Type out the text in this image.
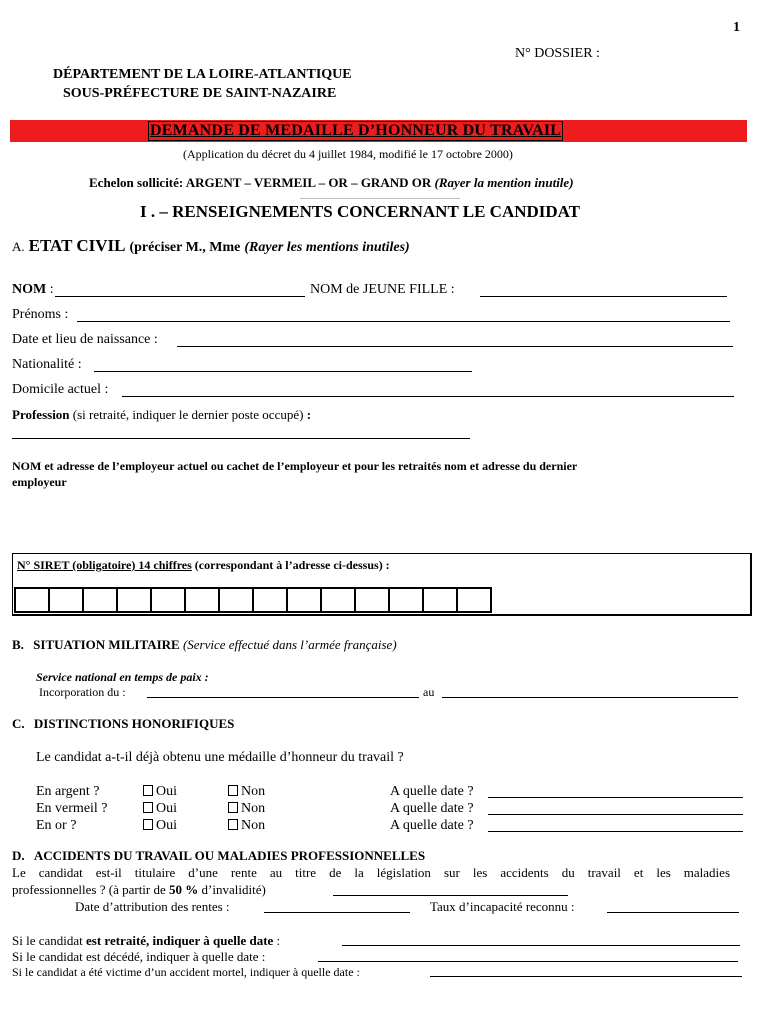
1
N° DOSSIER :
DÉPARTEMENT DE LA LOIRE-ATLANTIQUE
SOUS-PRÉFECTURE DE SAINT-NAZAIRE
DEMANDE DE MEDAILLE D’HONNEUR DU TRAVAIL
(Application du décret du 4 juillet 1984, modifié le 17 octobre 2000)
Echelon sollicité: ARGENT – VERMEIL – OR – GRAND OR (Rayer la mention inutile)
I . – RENSEIGNEMENTS CONCERNANT LE CANDIDAT
A. ETAT CIVIL (préciser M., Mme (Rayer les mentions inutiles)
NOM :	NOM de JEUNE FILLE :
Prénoms :
Date et lieu de naissance :
Nationalité :
Domicile actuel :
Profession (si retraité, indiquer le dernier poste occupé) :
NOM et adresse de l’employeur actuel ou cachet de l’employeur et pour les retraités nom et adresse du dernier
employeur
N° SIRET (obligatoire) 14 chiffres (correspondant à l’adresse ci-dessus) :
B. SITUATION MILITAIRE (Service effectué dans l’armée française)
Service national en temps de paix :
Incorporation du :	au
C. DISTINCTIONS HONORIFIQUES
Le candidat a-t-il déjà obtenu une médaille d’honneur du travail ?
En argent ?	Oui	Non	A quelle date ?
En vermeil ?	Oui	Non	A quelle date ?
En or ?	Oui	Non	A quelle date ?
D. ACCIDENTS DU TRAVAIL OU MALADIES PROFESSIONNELLES
Le candidat est-il titulaire d’une rente au titre de la législation sur les accidents du travail et les maladies
professionnelles ? (à partir de 50 % d’invalidité)
Date d’attribution des rentes :	Taux d’incapacité reconnu :
Si le candidat est retraité, indiquer à quelle date :
Si le candidat est décédé, indiquer à quelle date :
Si le candidat a été victime d’un accident mortel, indiquer à quelle date :
